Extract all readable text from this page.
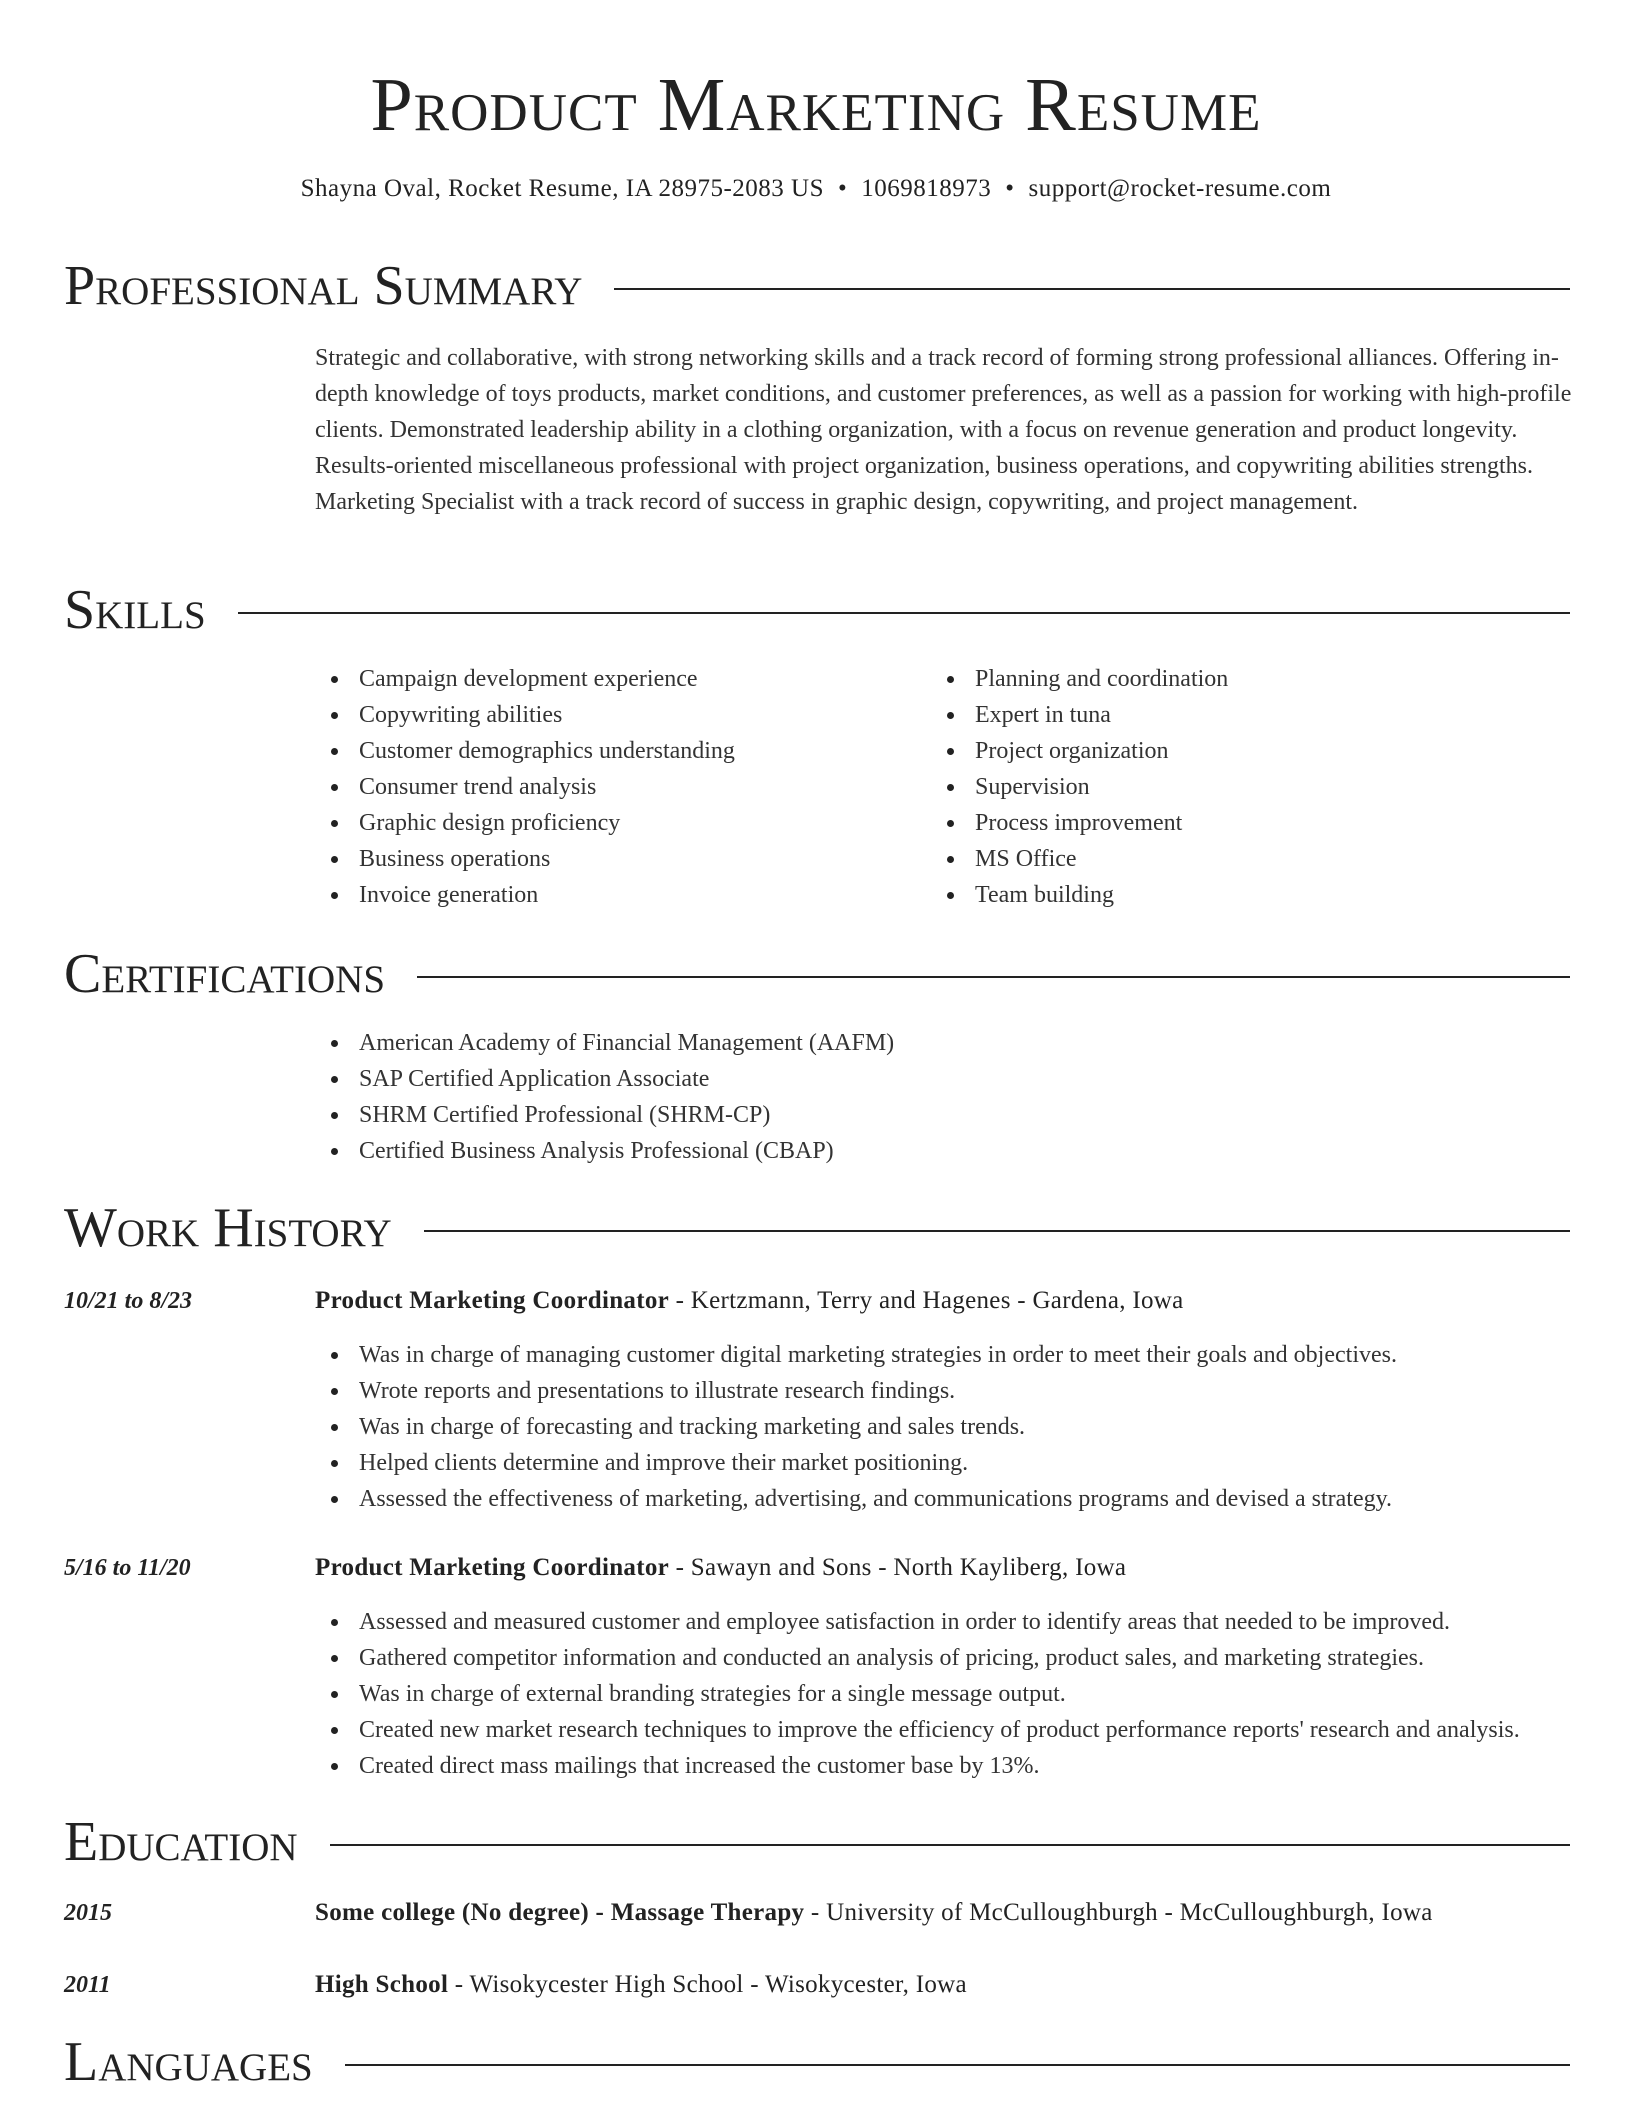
Product Marketing Resume
Shayna Oval, Rocket Resume, IA 28975-2083 US • 1069818973 • support@rocket-resume.com
Professional Summary

Strategic and collaborative, with strong networking skills and a track record of forming strong professional alliances. Offering in-depth knowledge of toys products, market conditions, and customer preferences, as well as a passion for working with high-profile clients. Demonstrated leadership ability in a clothing organization, with a focus on revenue generation and product longevity. Results-oriented miscellaneous professional with project organization, business operations, and copywriting abilities strengths. Marketing Specialist with a track record of success in graphic design, copywriting, and project management.

Skills
Campaign development experience
Copywriting abilities
Customer demographics understanding
Consumer trend analysis
Graphic design proficiency
Business operations
Invoice generation
Planning and coordination
Expert in tuna
Project organization
Supervision
Process improvement
MS Office
Team building
Certifications
American Academy of Financial Management (AAFM)
SAP Certified Application Associate
SHRM Certified Professional (SHRM-CP)
Certified Business Analysis Professional (CBAP)
Work History
10/21 to 8/23	Product Marketing Coordinator - Kertzmann, Terry and Hagenes - Gardena, Iowa
Was in charge of managing customer digital marketing strategies in order to meet their goals and objectives.
Wrote reports and presentations to illustrate research findings.
Was in charge of forecasting and tracking marketing and sales trends.
Helped clients determine and improve their market positioning.
Assessed the effectiveness of marketing, advertising, and communications programs and devised a strategy.
5/16 to 11/20	Product Marketing Coordinator - Sawayn and Sons - North Kayliberg, Iowa
Assessed and measured customer and employee satisfaction in order to identify areas that needed to be improved.
Gathered competitor information and conducted an analysis of pricing, product sales, and marketing strategies.
Was in charge of external branding strategies for a single message output.
Created new market research techniques to improve the efficiency of product performance reports' research and analysis.
Created direct mass mailings that increased the customer base by 13%.
Education
2015	Some college (No degree) - Massage Therapy - University of McCulloughburgh - McCulloughburgh, Iowa
2011	High School - Wisokycester High School - Wisokycester, Iowa
Languages
